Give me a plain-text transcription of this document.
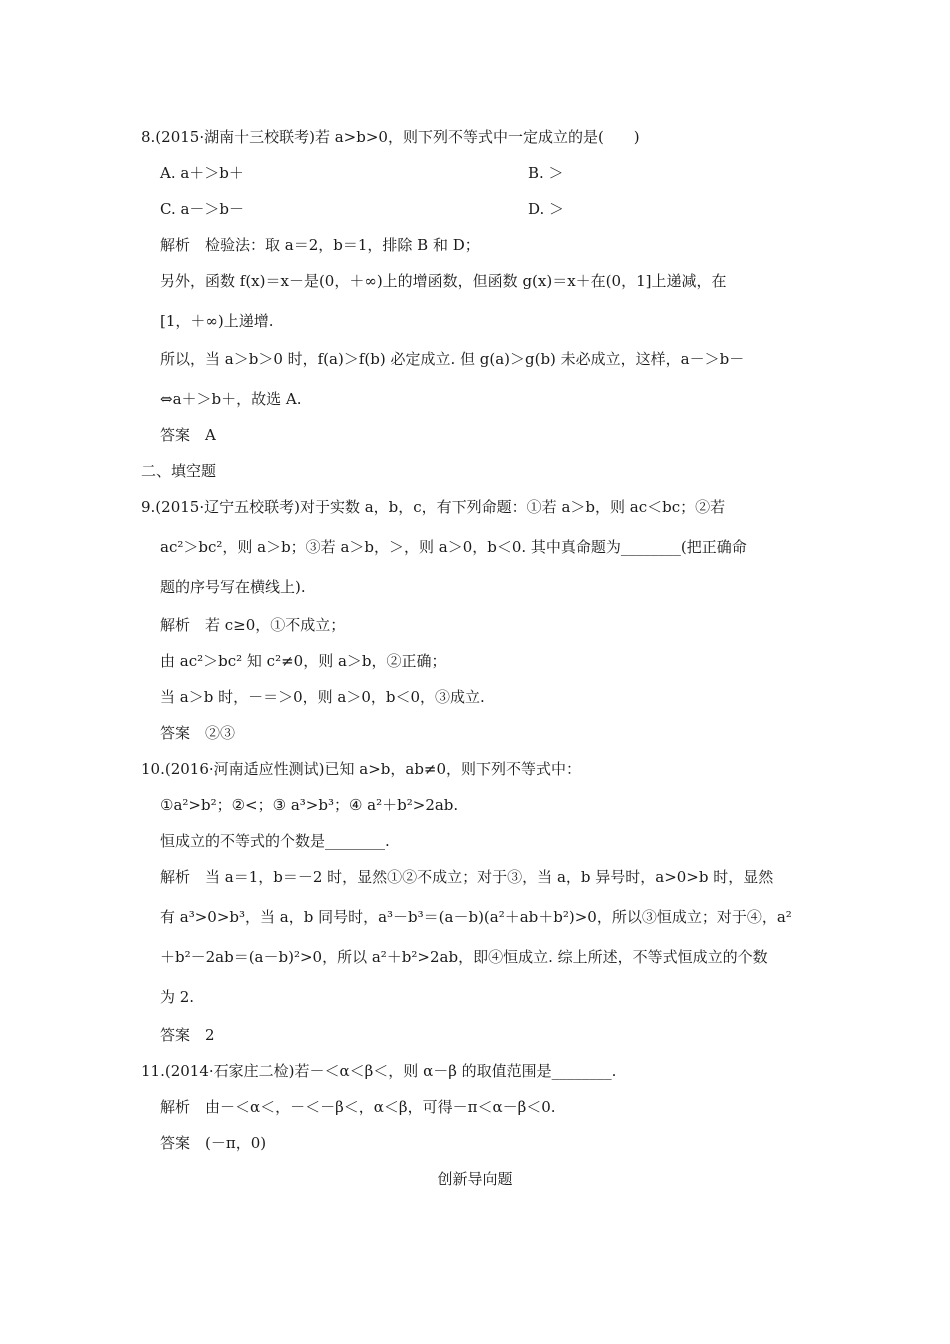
8.(2015·湖南十三校联考)若 a>b>0，则下列不等式中一定成立的是(　　)
A. a＋＞b＋	B. ＞
C. a－＞b－	D. ＞
解析　检验法：取 a＝2，b＝1，排除 B 和 D；
另外，函数 f(x)＝x－是(0，＋∞)上的增函数，但函数 g(x)＝x＋在(0，1]上递减，在
[1，＋∞)上递增.
所以，当 a＞b＞0 时，f(a)＞f(b) 必定成立. 但 g(a)＞g(b) 未必成立，这样，a－＞b－
⇔a＋＞b＋，故选 A.
答案　A
二、填空题
9.(2015·辽宁五校联考)对于实数 a，b，c，有下列命题：①若 a＞b，则 ac＜bc；②若
ac²＞bc²，则 a＞b；③若 a＞b，＞，则 a＞0，b＜0. 其中真命题为________(把正确命
题的序号写在横线上).
解析　若 c≥0，①不成立；
由 ac²＞bc² 知 c²≠0，则 a＞b，②正确；
当 a＞b 时，－＝＞0，则 a＞0，b＜0，③成立.
答案　②③
10.(2016·河南适应性测试)已知 a>b，ab≠0，则下列不等式中：
①a²>b²；②<；③ a³>b³；④ a²＋b²>2ab.
恒成立的不等式的个数是________.
解析　当 a＝1，b＝－2 时，显然①②不成立；对于③，当 a，b 异号时，a>0>b 时，显然
有 a³>0>b³，当 a，b 同号时，a³－b³＝(a－b)(a²＋ab＋b²)>0，所以③恒成立；对于④，a²
＋b²－2ab＝(a－b)²>0，所以 a²＋b²>2ab，即④恒成立. 综上所述，不等式恒成立的个数
为 2.
答案　2
11.(2014·石家庄二检)若－＜α＜β＜，则 α－β 的取值范围是________.
解析　由－＜α＜，－＜－β＜，α＜β，可得－π＜α－β＜0.
答案　(－π，0)
创新导向题
